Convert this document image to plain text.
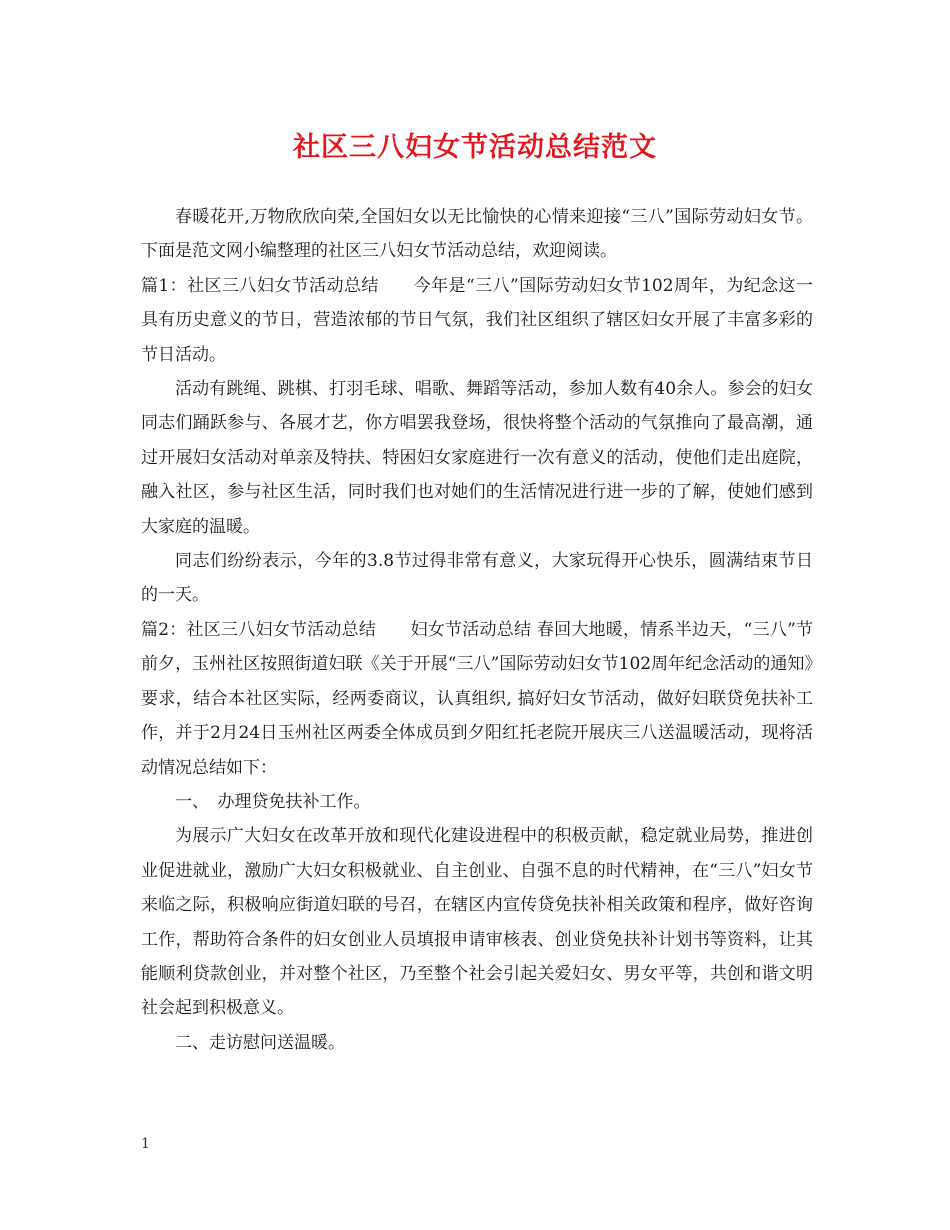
社区三八妇女节活动总结范文

春暖花开,万物欣欣向荣,全国妇女以无比愉快的心情来迎接“三八”国际劳动妇女节。下面是范文网小编整理的社区三八妇女节活动总结，欢迎阅读。

篇1：社区三八妇女节活动总结　　今年是“三八”国际劳动妇女节102周年，为纪念这一具有历史意义的节日，营造浓郁的节日气氛，我们社区组织了辖区妇女开展了丰富多彩的节日活动。

活动有跳绳、跳棋、打羽毛球、唱歌、舞蹈等活动，参加人数有40余人。参会的妇女同志们踊跃参与、各展才艺，你方唱罢我登场，很快将整个活动的气氛推向了最高潮，通过开展妇女活动对单亲及特扶、特困妇女家庭进行一次有意义的活动，使他们走出庭院，融入社区，参与社区生活，同时我们也对她们的生活情况进行进一步的了解，使她们感到大家庭的温暖。

同志们纷纷表示，今年的3.8节过得非常有意义，大家玩得开心快乐，圆满结束节日的一天。

篇2：社区三八妇女节活动总结　　妇女节活动总结 春回大地暖，情系半边天，“三八”节前夕，玉州社区按照街道妇联《关于开展“三八”国际劳动妇女节102周年纪念活动的通知》要求，结合本社区实际，经两委商议，认真组织, 搞好妇女节活动，做好妇联贷免扶补工作，并于2月24日玉州社区两委全体成员到夕阳红托老院开展庆三八送温暖活动，现将活动情况总结如下：

一、　办理贷免扶补工作。

为展示广大妇女在改革开放和现代化建设进程中的积极贡献，稳定就业局势，推进创业促进就业，激励广大妇女积极就业、自主创业、自强不息的时代精神，在“三八”妇女节来临之际，积极响应街道妇联的号召，在辖区内宣传贷免扶补相关政策和程序，做好咨询工作，帮助符合条件的妇女创业人员填报申请审核表、创业贷免扶补计划书等资料，让其能顺利贷款创业，并对整个社区，乃至整个社会引起关爱妇女、男女平等，共创和谐文明社会起到积极意义。

二、走访慰问送温暖。

1
